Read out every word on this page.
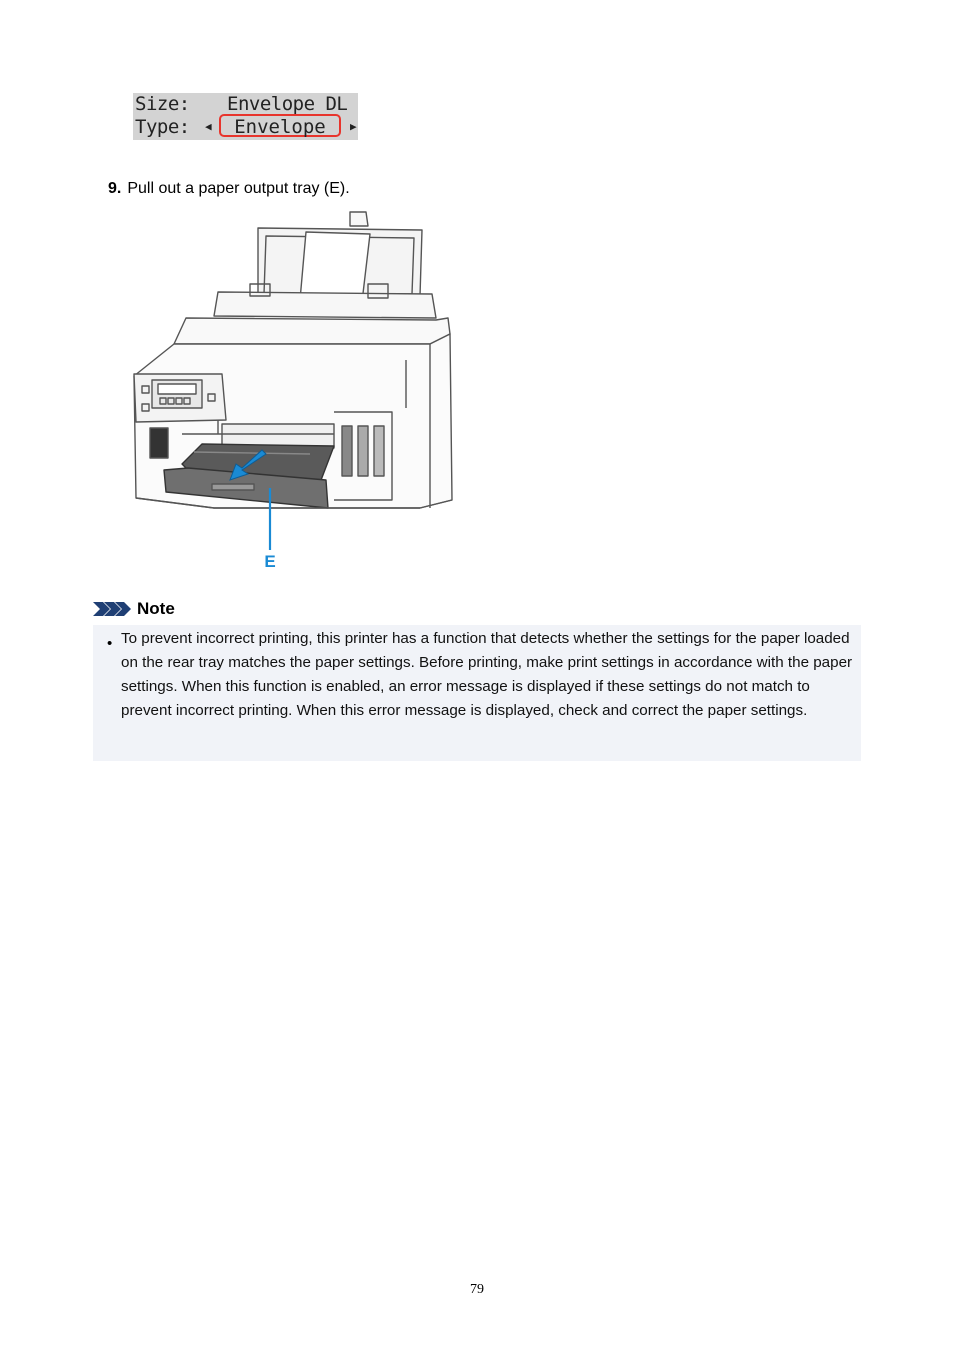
Size: Envelope DL
Type: ◀	Envelope	▶
9. Pull out a paper output tray (E).
E
Note
• To prevent incorrect printing, this printer has a function that detects whether the settings for the paper loaded on the rear tray matches the paper settings. Before printing, make print settings in accordance with the paper settings. When this function is enabled, an error message is displayed if these settings do not match to prevent incorrect printing. When this error message is displayed, check and correct the paper settings.
79
